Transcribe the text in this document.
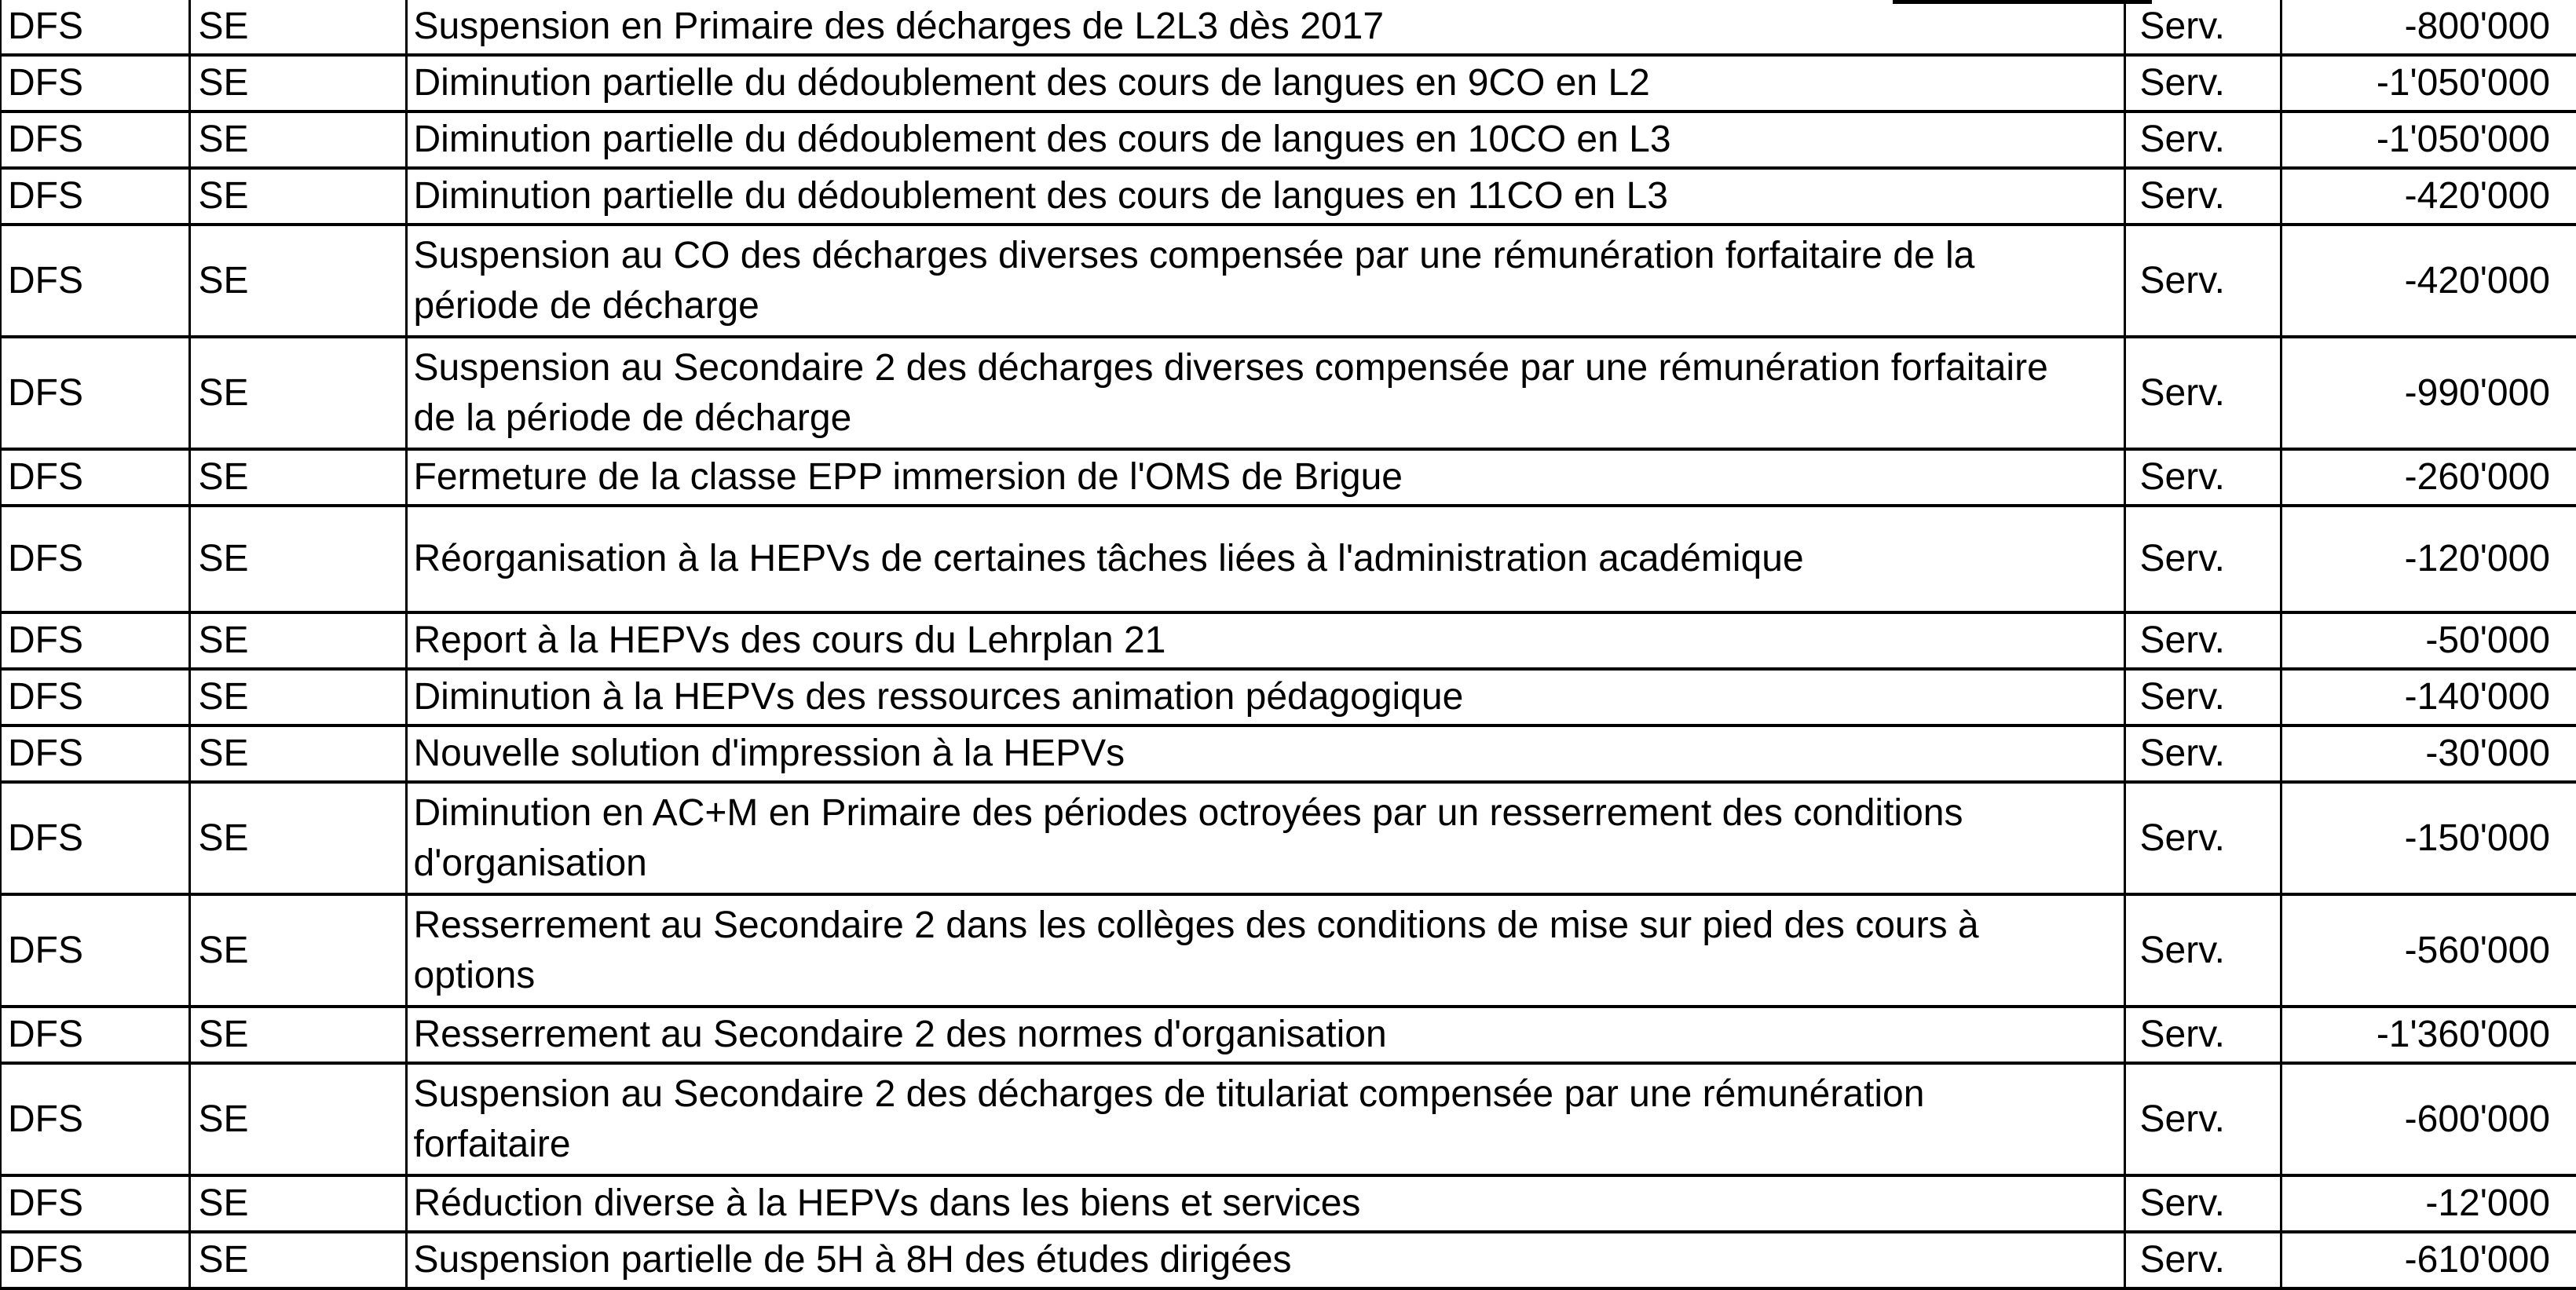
DFS	SE	Suspension en Primaire des décharges de L2L3 dès 2017	Serv.	-800'000
DFS	SE	Diminution partielle du dédoublement des cours de langues en 9CO en L2	Serv.	-1'050'000
DFS	SE	Diminution partielle du dédoublement des cours de langues en 10CO en L3	Serv.	-1'050'000
DFS	SE	Diminution partielle du dédoublement des cours de langues en 11CO en L3	Serv.	-420'000
DFS	SE	Suspension au CO des décharges diverses compensée par une rémunération forfaitaire de la période de décharge	Serv.	-420'000
DFS	SE	Suspension au Secondaire 2 des décharges diverses compensée par une rémunération forfaitaire de la période de décharge	Serv.	-990'000
DFS	SE	Fermeture de la classe EPP immersion de l'OMS de Brigue	Serv.	-260'000
DFS	SE	Réorganisation à la HEPVs de certaines tâches liées à l'administration académique	Serv.	-120'000
DFS	SE	Report à la HEPVs des cours du Lehrplan 21	Serv.	-50'000
DFS	SE	Diminution à la HEPVs des ressources animation pédagogique	Serv.	-140'000
DFS	SE	Nouvelle solution d'impression à la HEPVs	Serv.	-30'000
DFS	SE	Diminution en AC+M en Primaire des périodes octroyées par un resserrement des conditions d'organisation	Serv.	-150'000
DFS	SE	Resserrement au Secondaire 2 dans les collèges des conditions de mise sur pied des cours à options	Serv.	-560'000
DFS	SE	Resserrement au Secondaire 2 des normes d'organisation	Serv.	-1'360'000
DFS	SE	Suspension au Secondaire 2 des décharges de titulariat compensée par une rémunération forfaitaire	Serv.	-600'000
DFS	SE	Réduction diverse à la HEPVs dans les biens et services	Serv.	-12'000
DFS	SE	Suspension partielle de 5H à 8H des études dirigées	Serv.	-610'000
